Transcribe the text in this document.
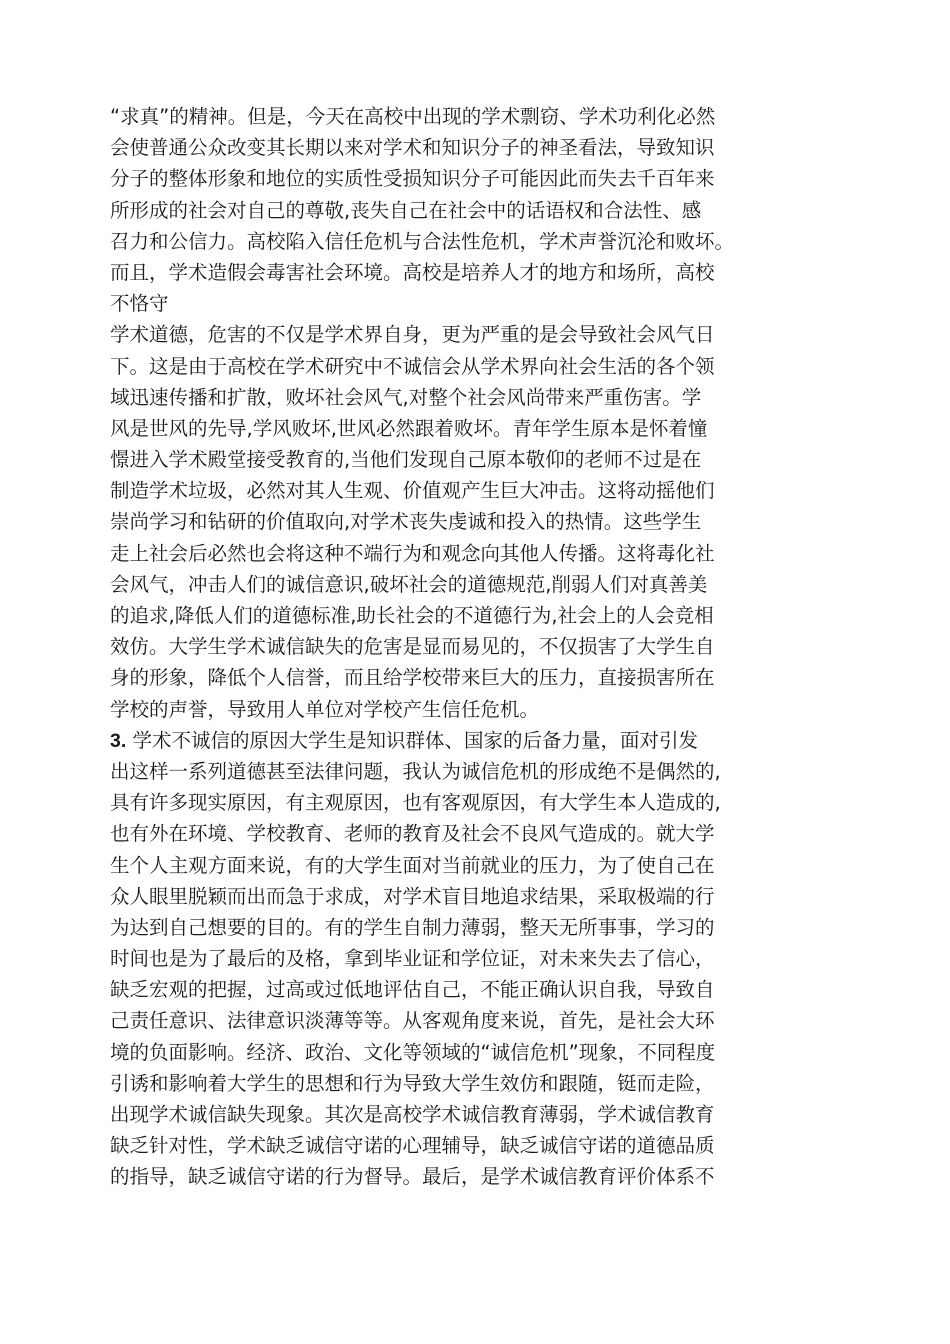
“求真”的精神。但是，今天在高校中出现的学术剽窃、学术功利化必然
会使普通公众改变其长期以来对学术和知识分子的神圣看法，导致知识
分子的整体形象和地位的实质性受损知识分子可能因此而失去千百年来
所形成的社会对自己的尊敬,丧失自己在社会中的话语权和合法性、感
召力和公信力。高校陷入信任危机与合法性危机，学术声誉沉沦和败坏。
而且，学术造假会毒害社会环境。高校是培养人才的地方和场所，高校
不恪守
学术道德，危害的不仅是学术界自身，更为严重的是会导致社会风气日
下。这是由于高校在学术研究中不诚信会从学术界向社会生活的各个领
域迅速传播和扩散，败坏社会风气,对整个社会风尚带来严重伤害。学
风是世风的先导,学风败坏,世风必然跟着败坏。青年学生原本是怀着憧
憬进入学术殿堂接受教育的,当他们发现自己原本敬仰的老师不过是在
制造学术垃圾，必然对其人生观、价值观产生巨大冲击。这将动摇他们
崇尚学习和钻研的价值取向,对学术丧失虔诚和投入的热情。这些学生
走上社会后必然也会将这种不端行为和观念向其他人传播。这将毒化社
会风气，冲击人们的诚信意识,破坏社会的道德规范,削弱人们对真善美
的追求,降低人们的道德标准,助长社会的不道德行为,社会上的人会竞相
效仿。大学生学术诚信缺失的危害是显而易见的，不仅损害了大学生自
身的形象，降低个人信誉，而且给学校带来巨大的压力，直接损害所在
学校的声誉，导致用人单位对学校产生信任危机。
3. 学术不诚信的原因大学生是知识群体、国家的后备力量，面对引发
出这样一系列道德甚至法律问题，我认为诚信危机的形成绝不是偶然的,
具有许多现实原因，有主观原因，也有客观原因，有大学生本人造成的,
也有外在环境、学校教育、老师的教育及社会不良风气造成的。就大学
生个人主观方面来说，有的大学生面对当前就业的压力，为了使自己在
众人眼里脱颖而出而急于求成，对学术盲目地追求结果，采取极端的行
为达到自己想要的目的。有的学生自制力薄弱，整天无所事事，学习的
时间也是为了最后的及格，拿到毕业证和学位证，对未来失去了信心，
缺乏宏观的把握，过高或过低地评估自己，不能正确认识自我，导致自
己责任意识、法律意识淡薄等等。从客观角度来说，首先，是社会大环
境的负面影响。经济、政治、文化等领域的“诚信危机”现象，不同程度
引诱和影响着大学生的思想和行为导致大学生效仿和跟随，铤而走险，
出现学术诚信缺失现象。其次是高校学术诚信教育薄弱，学术诚信教育
缺乏针对性，学术缺乏诚信守诺的心理辅导，缺乏诚信守诺的道德品质
的指导，缺乏诚信守诺的行为督导。最后，是学术诚信教育评价体系不
